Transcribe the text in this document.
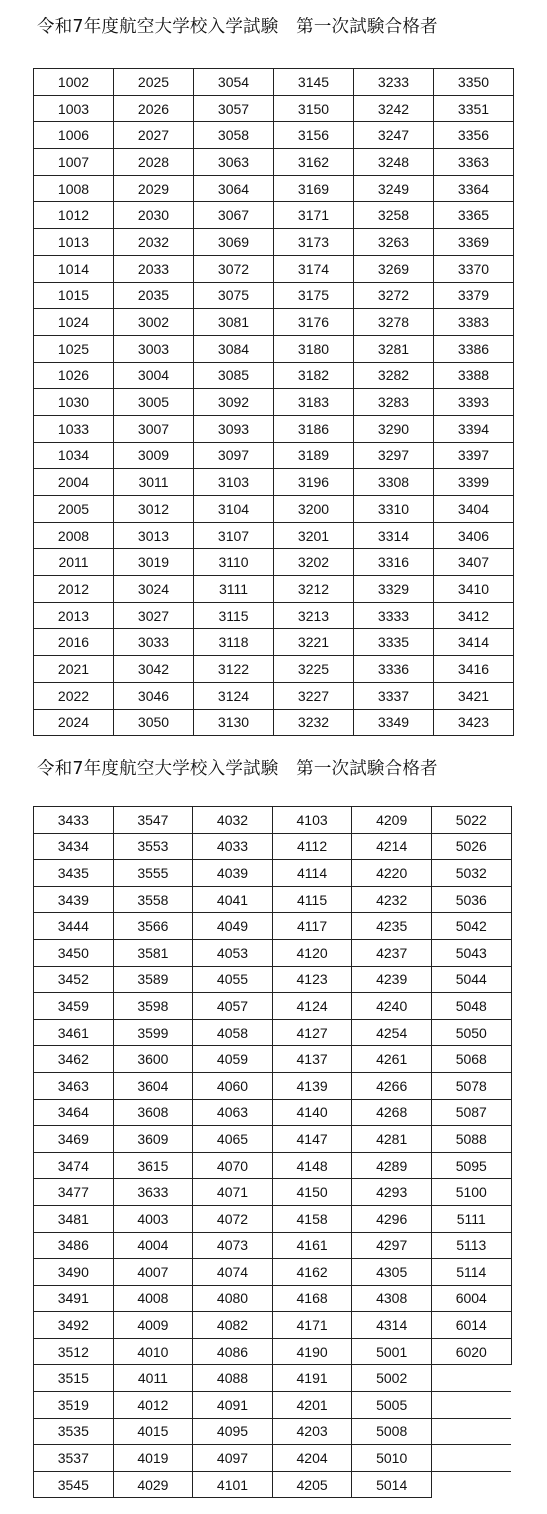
令和7年度航空大学校入学試験　第一次試験合格者
1002	2025	3054	3145	3233	3350
1003	2026	3057	3150	3242	3351
1006	2027	3058	3156	3247	3356
1007	2028	3063	3162	3248	3363
1008	2029	3064	3169	3249	3364
1012	2030	3067	3171	3258	3365
1013	2032	3069	3173	3263	3369
1014	2033	3072	3174	3269	3370
1015	2035	3075	3175	3272	3379
1024	3002	3081	3176	3278	3383
1025	3003	3084	3180	3281	3386
1026	3004	3085	3182	3282	3388
1030	3005	3092	3183	3283	3393
1033	3007	3093	3186	3290	3394
1034	3009	3097	3189	3297	3397
2004	3011	3103	3196	3308	3399
2005	3012	3104	3200	3310	3404
2008	3013	3107	3201	3314	3406
2011	3019	3110	3202	3316	3407
2012	3024	3111	3212	3329	3410
2013	3027	3115	3213	3333	3412
2016	3033	3118	3221	3335	3414
2021	3042	3122	3225	3336	3416
2022	3046	3124	3227	3337	3421
2024	3050	3130	3232	3349	3423
令和7年度航空大学校入学試験　第一次試験合格者
3433	3547	4032	4103	4209	5022
3434	3553	4033	4112	4214	5026
3435	3555	4039	4114	4220	5032
3439	3558	4041	4115	4232	5036
3444	3566	4049	4117	4235	5042
3450	3581	4053	4120	4237	5043
3452	3589	4055	4123	4239	5044
3459	3598	4057	4124	4240	5048
3461	3599	4058	4127	4254	5050
3462	3600	4059	4137	4261	5068
3463	3604	4060	4139	4266	5078
3464	3608	4063	4140	4268	5087
3469	3609	4065	4147	4281	5088
3474	3615	4070	4148	4289	5095
3477	3633	4071	4150	4293	5100
3481	4003	4072	4158	4296	5111
3486	4004	4073	4161	4297	5113
3490	4007	4074	4162	4305	5114
3491	4008	4080	4168	4308	6004
3492	4009	4082	4171	4314	6014
3512	4010	4086	4190	5001	6020
3515	4011	4088	4191	5002	
3519	4012	4091	4201	5005	
3535	4015	4095	4203	5008	
3537	4019	4097	4204	5010	
3545	4029	4101	4205	5014	
